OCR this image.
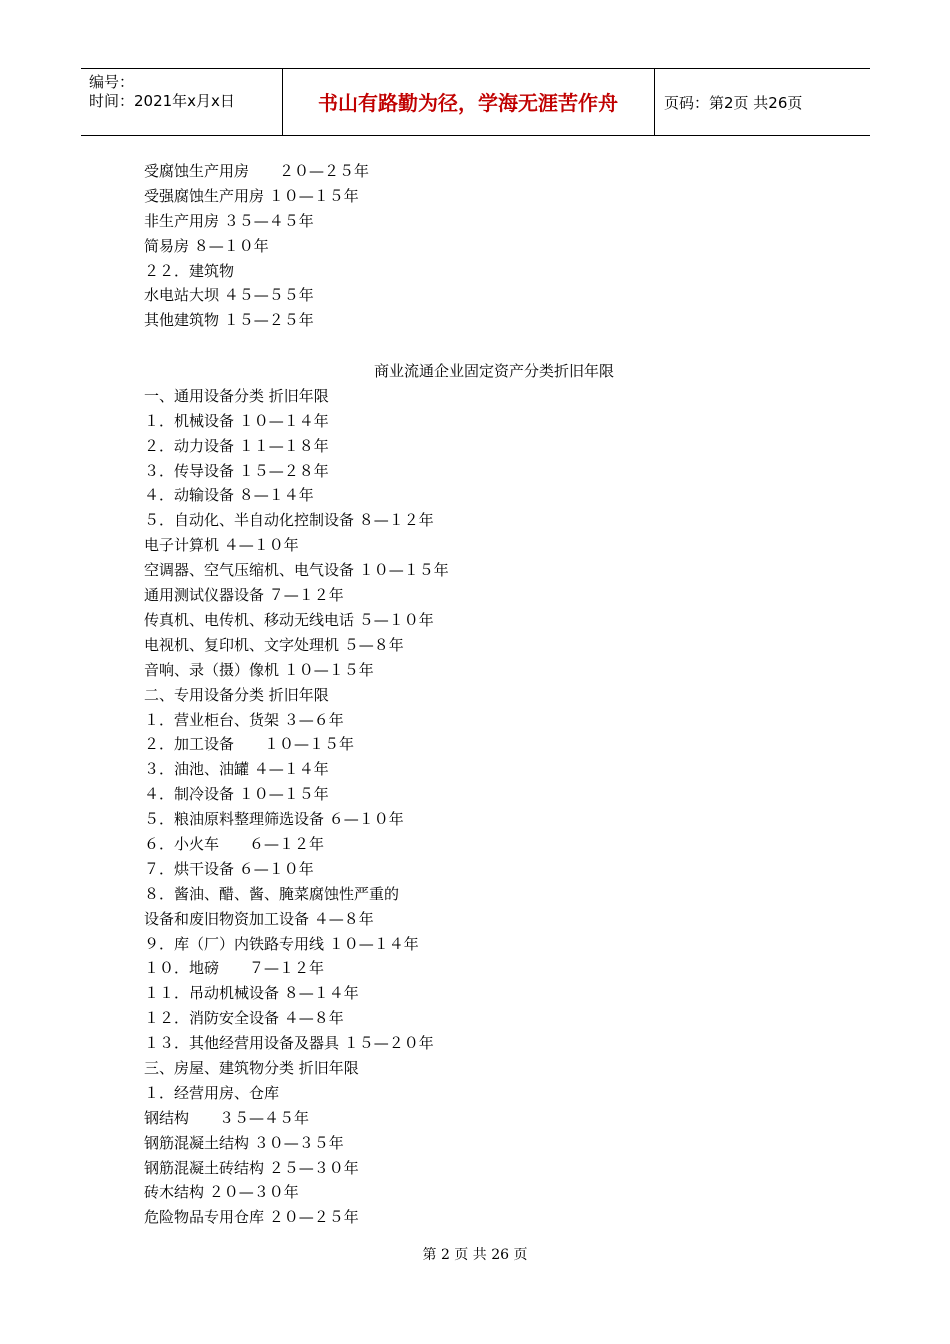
编号：
时间：2021年x月x日	书山有路勤为径，学海无涯苦作舟	页码：第2页 共26页
受腐蚀生产用房　　２０—２５年
受强腐蚀生产用房 １０—１５年
非生产用房 ３５—４５年
简易房 ８—１０年
２２．建筑物
水电站大坝 ４５—５５年
其他建筑物 １５—２５年
商业流通企业固定资产分类折旧年限
一、通用设备分类 折旧年限
１．机械设备 １０—１４年
２．动力设备 １１—１８年
３．传导设备 １５—２８年
４．动输设备 ８—１４年
５．自动化、半自动化控制设备 ８—１２年
电子计算机 ４—１０年
空调器、空气压缩机、电气设备 １０—１５年
通用测试仪器设备 ７—１２年
传真机、电传机、移动无线电话 ５—１０年
电视机、复印机、文字处理机 ５—８年
音响、录（摄）像机 １０—１５年
二、专用设备分类 折旧年限
１．营业柜台、货架 ３—６年
２．加工设备　　１０—１５年
３．油池、油罐 ４—１４年
４．制冷设备 １０—１５年
５．粮油原料整理筛选设备 ６—１０年
６．小火车　　６—１２年
７．烘干设备 ６—１０年
８．酱油、醋、酱、腌菜腐蚀性严重的
设备和废旧物资加工设备 ４—８年
９．库（厂）内铁路专用线 １０—１４年
１０．地磅　　７—１２年
１１．吊动机械设备 ８—１４年
１２．消防安全设备 ４—８年
１３．其他经营用设备及器具 １５—２０年
三、房屋、建筑物分类 折旧年限
１．经营用房、仓库
钢结构　　３５—４５年
钢筋混凝土结构 ３０—３５年
钢筋混凝土砖结构 ２５—３０年
砖木结构 ２０—３０年
危险物品专用仓库 ２０—２５年
第 2 页 共 26 页
